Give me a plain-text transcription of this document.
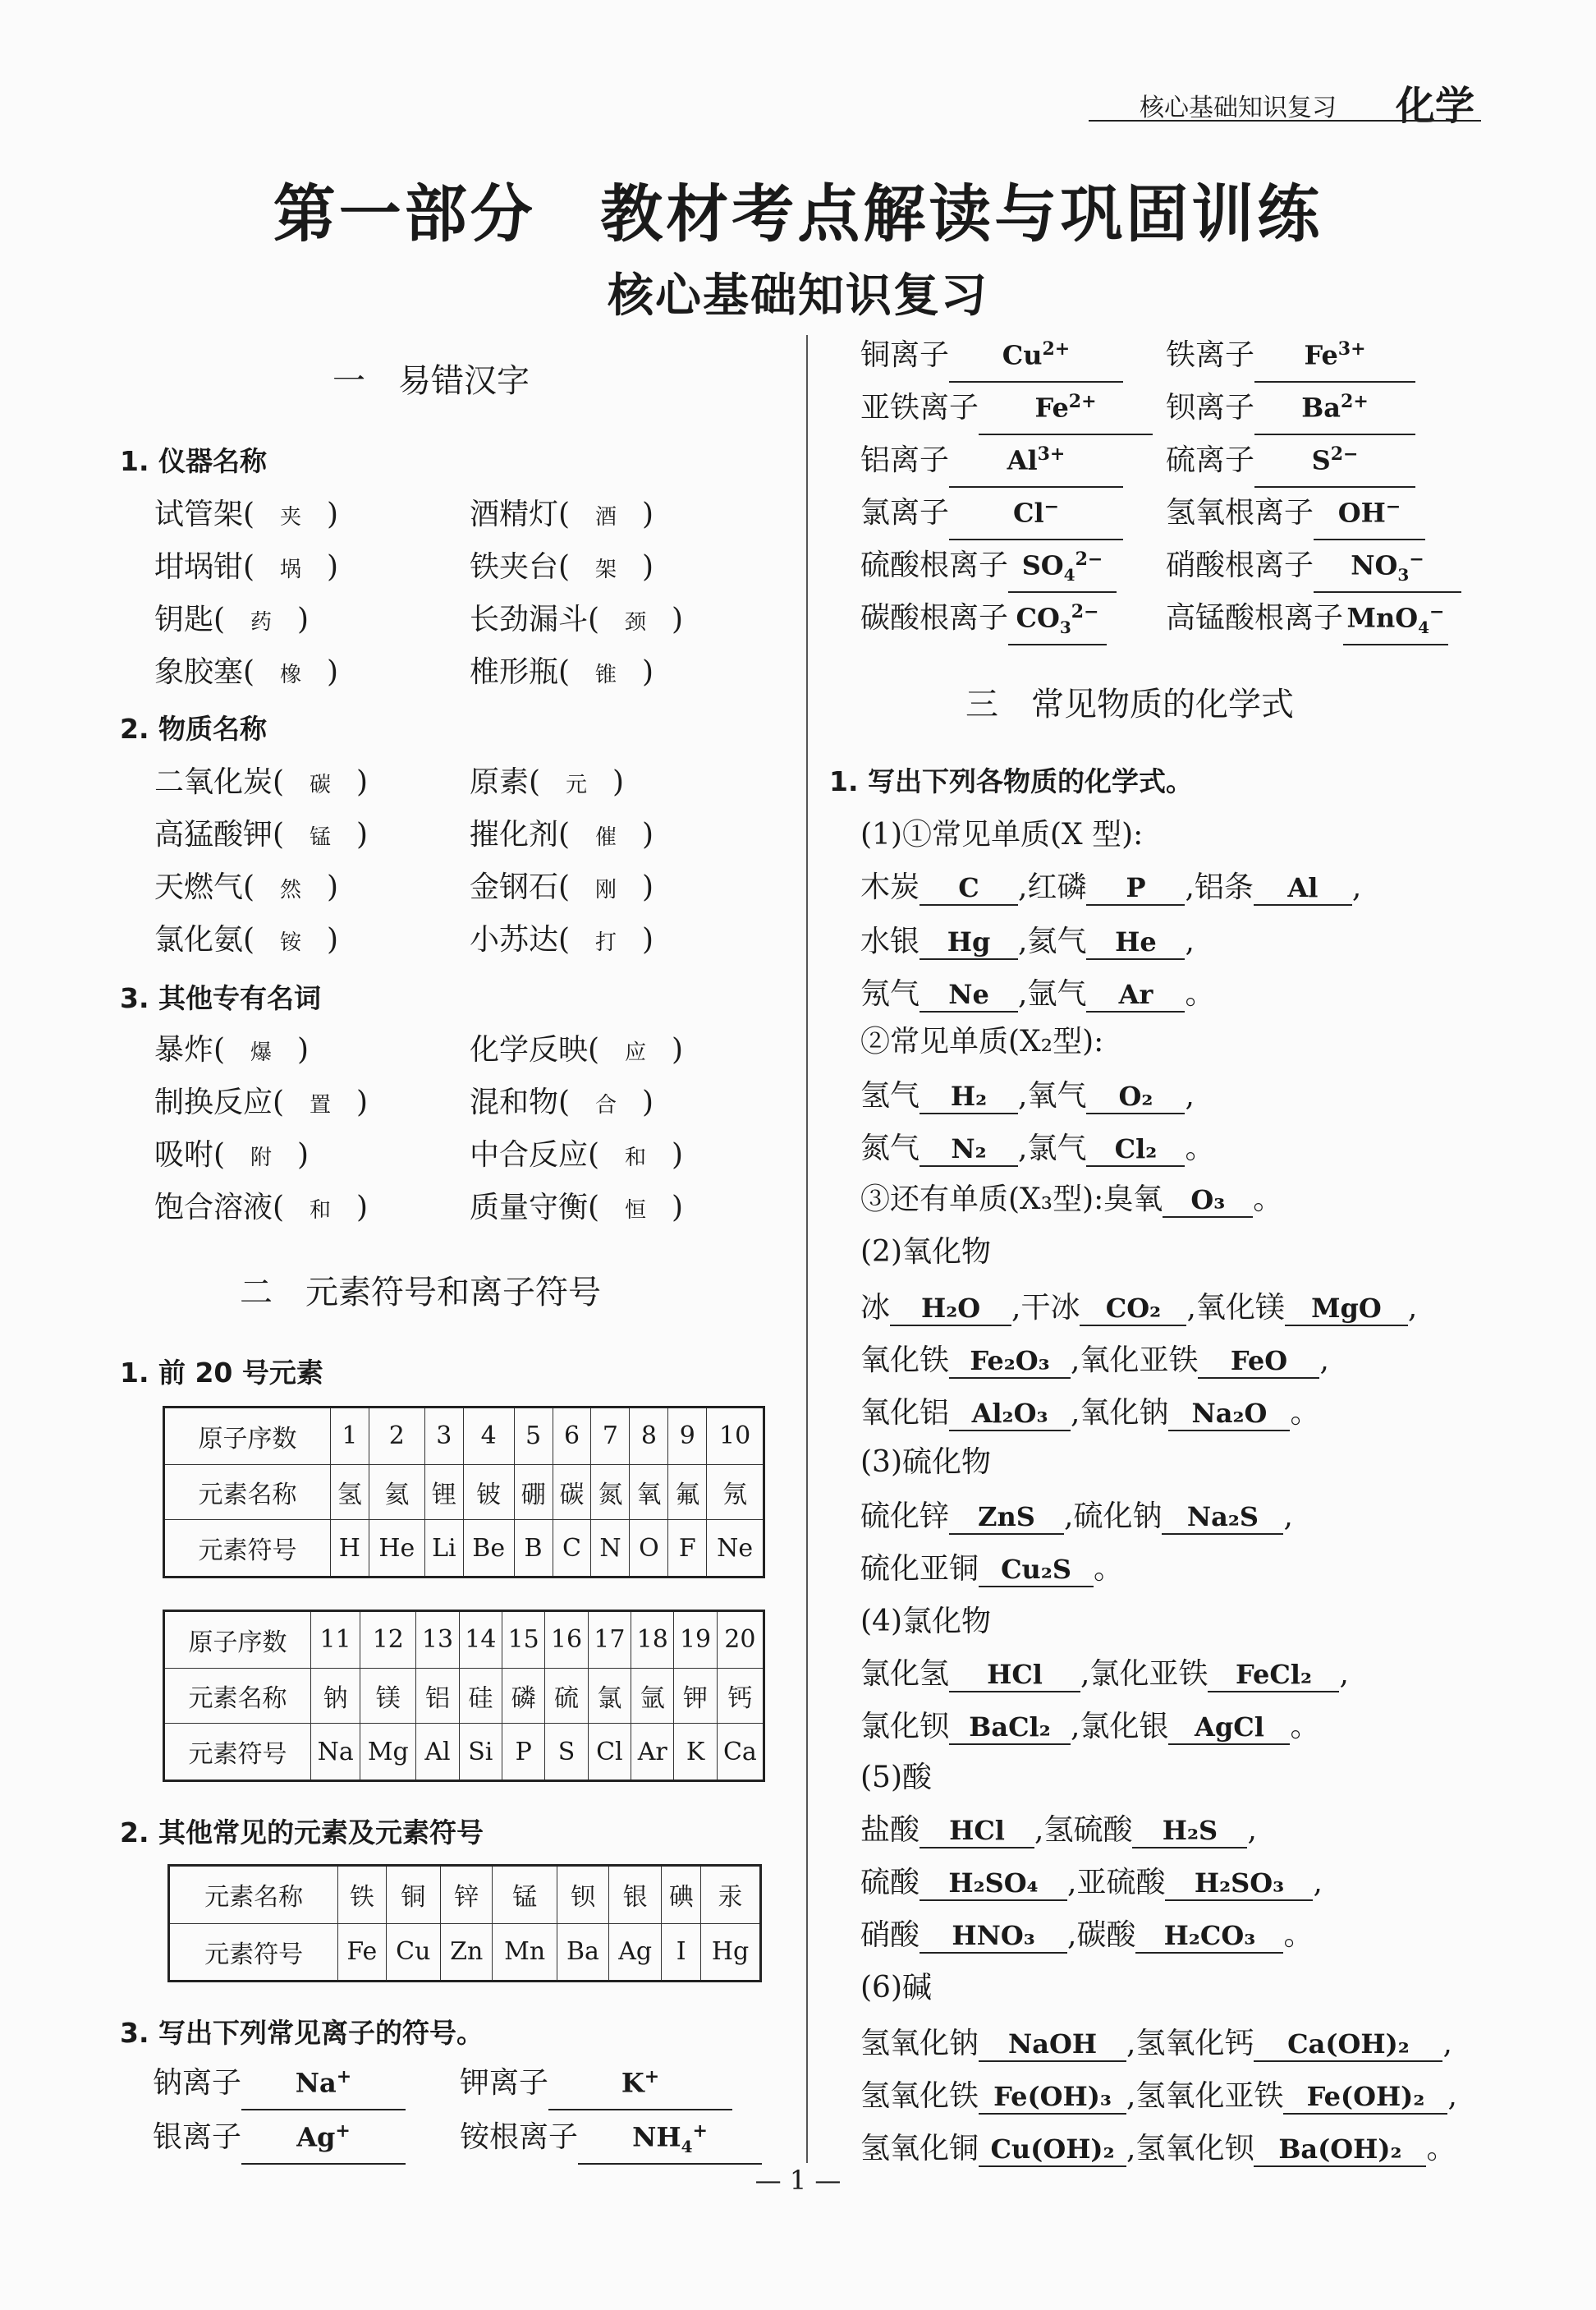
核心基础知识复习 化学
第一部分 教材考点解读与巩固训练
核心基础知识复习
一　易错汉字
1. 仪器名称
试管架( 夹 )	酒精灯( 酒 )
坩埚钳( 埚 )	铁夹台( 架 )
钥匙( 药 )	长劲漏斗( 颈 )
象胶塞( 橡 )	椎形瓶( 锥 )
2. 物质名称
二氧化炭( 碳 )	原素( 元 )
高猛酸钾( 锰 )	摧化剂( 催 )
天燃气( 然 )	金钢石( 刚 )
氯化氨( 铵 )	小苏达( 打 )
3. 其他专有名词
暴炸( 爆 )	化学反映( 应 )
制换反应( 置 )	混和物( 合 )
吸咐( 附 )	中合反应( 和 )
饱合溶液( 和 )	质量守衡( 恒 )
二　元素符号和离子符号
1. 前 20 号元素
原子序数	1	2	3	4	5	6	7	8	9	10
元素名称	氢	氦	锂	铍	硼	碳	氮	氧	氟	氖
元素符号	H	He	Li	Be	B	C	N	O	F	Ne
原子序数	11	12	13	14	15	16	17	18	19	20
元素名称	钠	镁	铝	硅	磷	硫	氯	氩	钾	钙
元素符号	Na	Mg	Al	Si	P	S	Cl	Ar	K	Ca
2. 其他常见的元素及元素符号
元素名称	铁	铜	锌	锰	钡	银	碘	汞
元素符号	Fe	Cu	Zn	Mn	Ba	Ag	I	Hg
3. 写出下列常见离子的符号。
钠离子 Na+	钾离子	K+
银离子 Ag+	铵根离子 $NH_4^+$
铜离子 $Cu^{2+}$	铁离子 $Fe^{3+}$
亚铁离子 $Fe^{2+}$	钡离子 $Ba^{2+}$
铝离子 $Al^{3+}$	硫离子 $S^{2-}$
氯离子 Cl−	氢氧根离子 OH−
硫酸根离子 $SO_4^{2-}$	硝酸根离子 $NO_3^-$
碳酸根离子 $CO_3^{2-}$ 高锰酸根离子 MnO$_4$−
三　常见物质的化学式
1. 写出下列各物质的化学式。
(1)①常见单质(X 型):
②常见单质(X₂型):
③还有单质(X₃型):臭氧 O₃ 。
(2)氧化物
(3)硫化物
(4)氯化物
(5)酸
(6)碱
木炭 C ,红磷 P ,铝条 Al ,
水银 Hg ,氦气 He ,
氖气 Ne ,氩气 Ar 。
氢气 H₂ ,氧气 O₂ ,
氮气 N₂ ,氯气 Cl₂ 。
冰 H₂O ,干冰 CO₂ ,氧化镁 MgO ,
氧化铁 Fe₂O₃ ,氧化亚铁 FeO ,
氧化铝 Al₂O₃ ,氧化钠 Na₂O 。
硫化锌 ZnS ,硫化钠 Na₂S ,
硫化亚铜 Cu₂S 。
氯化氢 HCl ,氯化亚铁 FeCl₂ ,
氯化钡 BaCl₂ ,氯化银 AgCl 。
盐酸 HCl ,氢硫酸 H₂S ,
硫酸 H₂SO₄ ,亚硫酸 H₂SO₃ ,
硝酸 HNO₃ ,碳酸 H₂CO₃ 。
氢氧化钠 NaOH ,氢氧化钙 Ca(OH)₂ ,
氢氧化铁 Fe(OH)₃ ,氢氧化亚铁 Fe(OH)₂ ,
氢氧化铜 Cu(OH)₂ ,氢氧化钡 Ba(OH)₂ 。
— 1 —
